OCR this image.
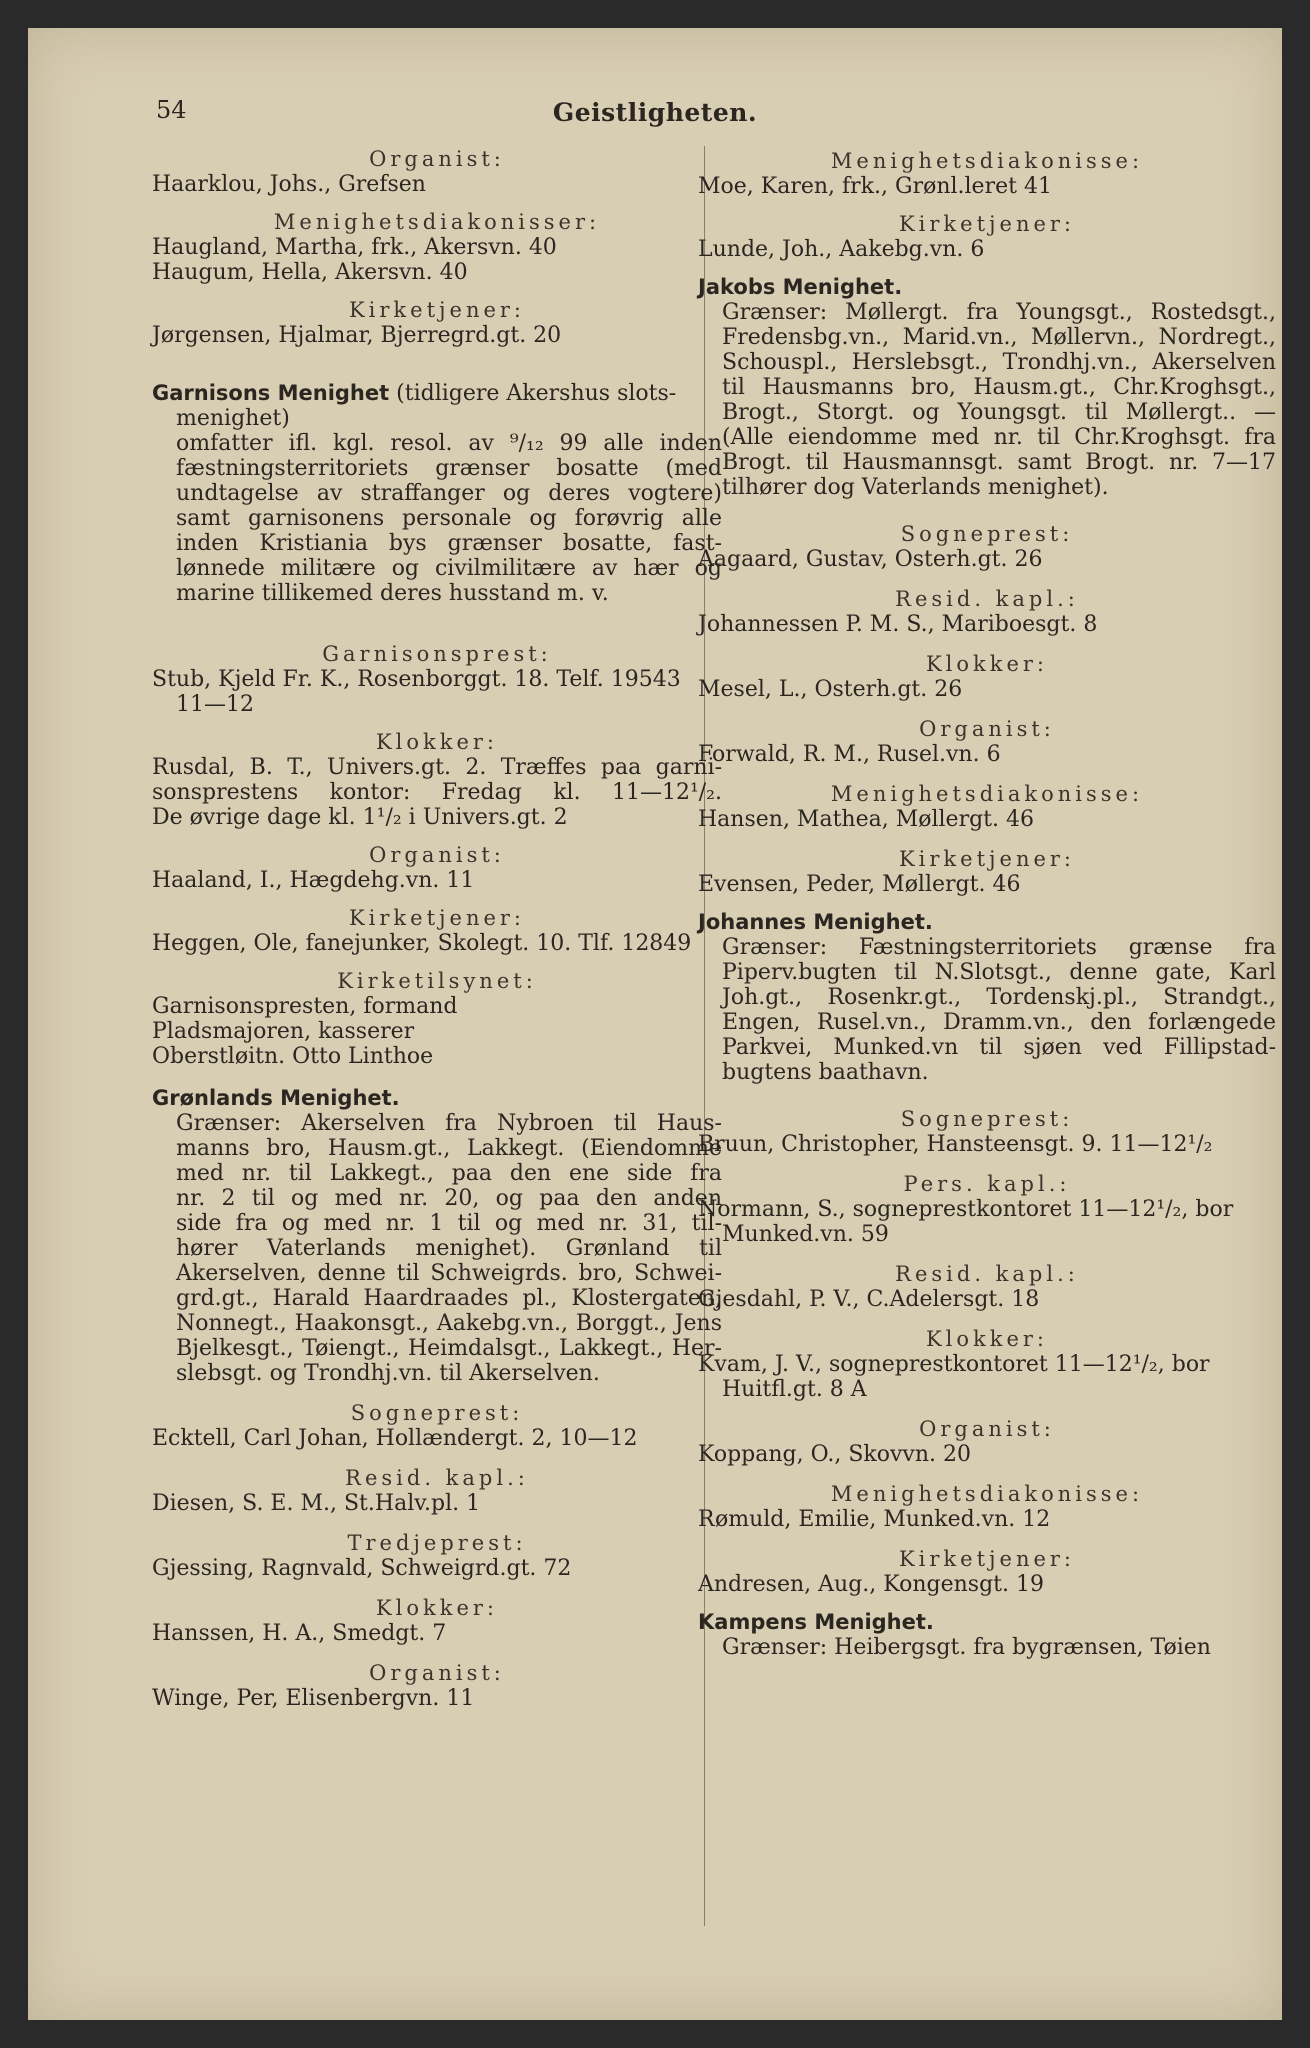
54	Geistligheten.
Organist:
Haarklou, Johs., Grefsen
Menighetsdiakonisser:
Haugland, Martha, frk., Akersvn. 40
Haugum, Hella, Akersvn. 40
Kirketjener:
Jørgensen, Hjalmar, Bjerregrd.gt. 20
Garnisons Menighet (tidligere Akershus slots-
menighet)
omfatter ifl. kgl. resol. av ⁹/₁₂ 99 alle inden
fæstningsterritoriets grænser bosatte (med
undtagelse av straffanger og deres vogtere)
samt garnisonens personale og forøvrig alle
inden Kristiania bys grænser bosatte, fast-
lønnede militære og civilmilitære av hær og
marine tillikemed deres husstand m. v.
Garnisonsprest:
Stub, Kjeld Fr. K., Rosenborggt. 18. Telf. 19543
11—12
Klokker:
Rusdal, B. T., Univers.gt. 2. Træffes paa garni-
sonsprestens kontor: Fredag kl. 11—12¹/₂.
De øvrige dage kl. 1¹/₂ i Univers.gt. 2
Organist:
Haaland, I., Hægdehg.vn. 11
Kirketjener:
Heggen, Ole, fanejunker, Skolegt. 10. Tlf. 12849
Kirketilsynet:
Garnisonspresten, formand
Pladsmajoren, kasserer
Oberstløitn. Otto Linthoe
Grønlands Menighet.
Grænser: Akerselven fra Nybroen til Haus-
manns bro, Hausm.gt., Lakkegt. (Eiendomme
med nr. til Lakkegt., paa den ene side fra
nr. 2 til og med nr. 20, og paa den anden
side fra og med nr. 1 til og med nr. 31, til-
hører Vaterlands menighet). Grønland til
Akerselven, denne til Schweigrds. bro, Schwei-
grd.gt., Harald Haardraades pl., Klostergaten,
Nonnegt., Haakonsgt., Aakebg.vn., Borggt., Jens
Bjelkesgt., Tøiengt., Heimdalsgt., Lakkegt., Her-
slebsgt. og Trondhj.vn. til Akerselven.
Sogneprest:
Ecktell, Carl Johan, Hollændergt. 2, 10—12
Resid. kapl.:
Diesen, S. E. M., St.Halv.pl. 1
Tredjeprest:
Gjessing, Ragnvald, Schweigrd.gt. 72
Klokker:
Hanssen, H. A., Smedgt. 7
Organist:
Winge, Per, Elisenbergvn. 11
Menighetsdiakonisse:
Moe, Karen, frk., Grønl.leret 41
Kirketjener:
Lunde, Joh., Aakebg.vn. 6
Jakobs Menighet.
Grænser: Møllergt. fra Youngsgt., Rostedsgt.,
Fredensbg.vn., Marid.vn., Møllervn., Nordregt.,
Schouspl., Herslebsgt., Trondhj.vn., Akerselven
til Hausmanns bro, Hausm.gt., Chr.Kroghsgt.,
Brogt., Storgt. og Youngsgt. til Møllergt.. —
(Alle eiendomme med nr. til Chr.Kroghsgt. fra
Brogt. til Hausmannsgt. samt Brogt. nr. 7—17
tilhører dog Vaterlands menighet).
Sogneprest:
Aagaard, Gustav, Osterh.gt. 26
Resid. kapl.:
Johannessen P. M. S., Mariboesgt. 8
Klokker:
Mesel, L., Osterh.gt. 26
Organist:
Forwald, R. M., Rusel.vn. 6
Menighetsdiakonisse:
Hansen, Mathea, Møllergt. 46
Kirketjener:
Evensen, Peder, Møllergt. 46
Johannes Menighet.
Grænser: Fæstningsterritoriets grænse fra
Piperv.bugten til N.Slotsgt., denne gate, Karl
Joh.gt., Rosenkr.gt., Tordenskj.pl., Strandgt.,
Engen, Rusel.vn., Dramm.vn., den forlængede
Parkvei, Munked.vn til sjøen ved Fillipstad-
bugtens baathavn.
Sogneprest:
Bruun, Christopher, Hansteensgt. 9. 11—12¹/₂
Pers. kapl.:
Normann, S., sogneprestkontoret 11—12¹/₂, bor
Munked.vn. 59
Resid. kapl.:
Gjesdahl, P. V., C.Adelersgt. 18
Klokker:
Kvam, J. V., sogneprestkontoret 11—12¹/₂, bor
Huitfl.gt. 8 A
Organist:
Koppang, O., Skovvn. 20
Menighetsdiakonisse:
Rømuld, Emilie, Munked.vn. 12
Kirketjener:
Andresen, Aug., Kongensgt. 19
Kampens Menighet.
Grænser: Heibergsgt. fra bygrænsen, Tøien
